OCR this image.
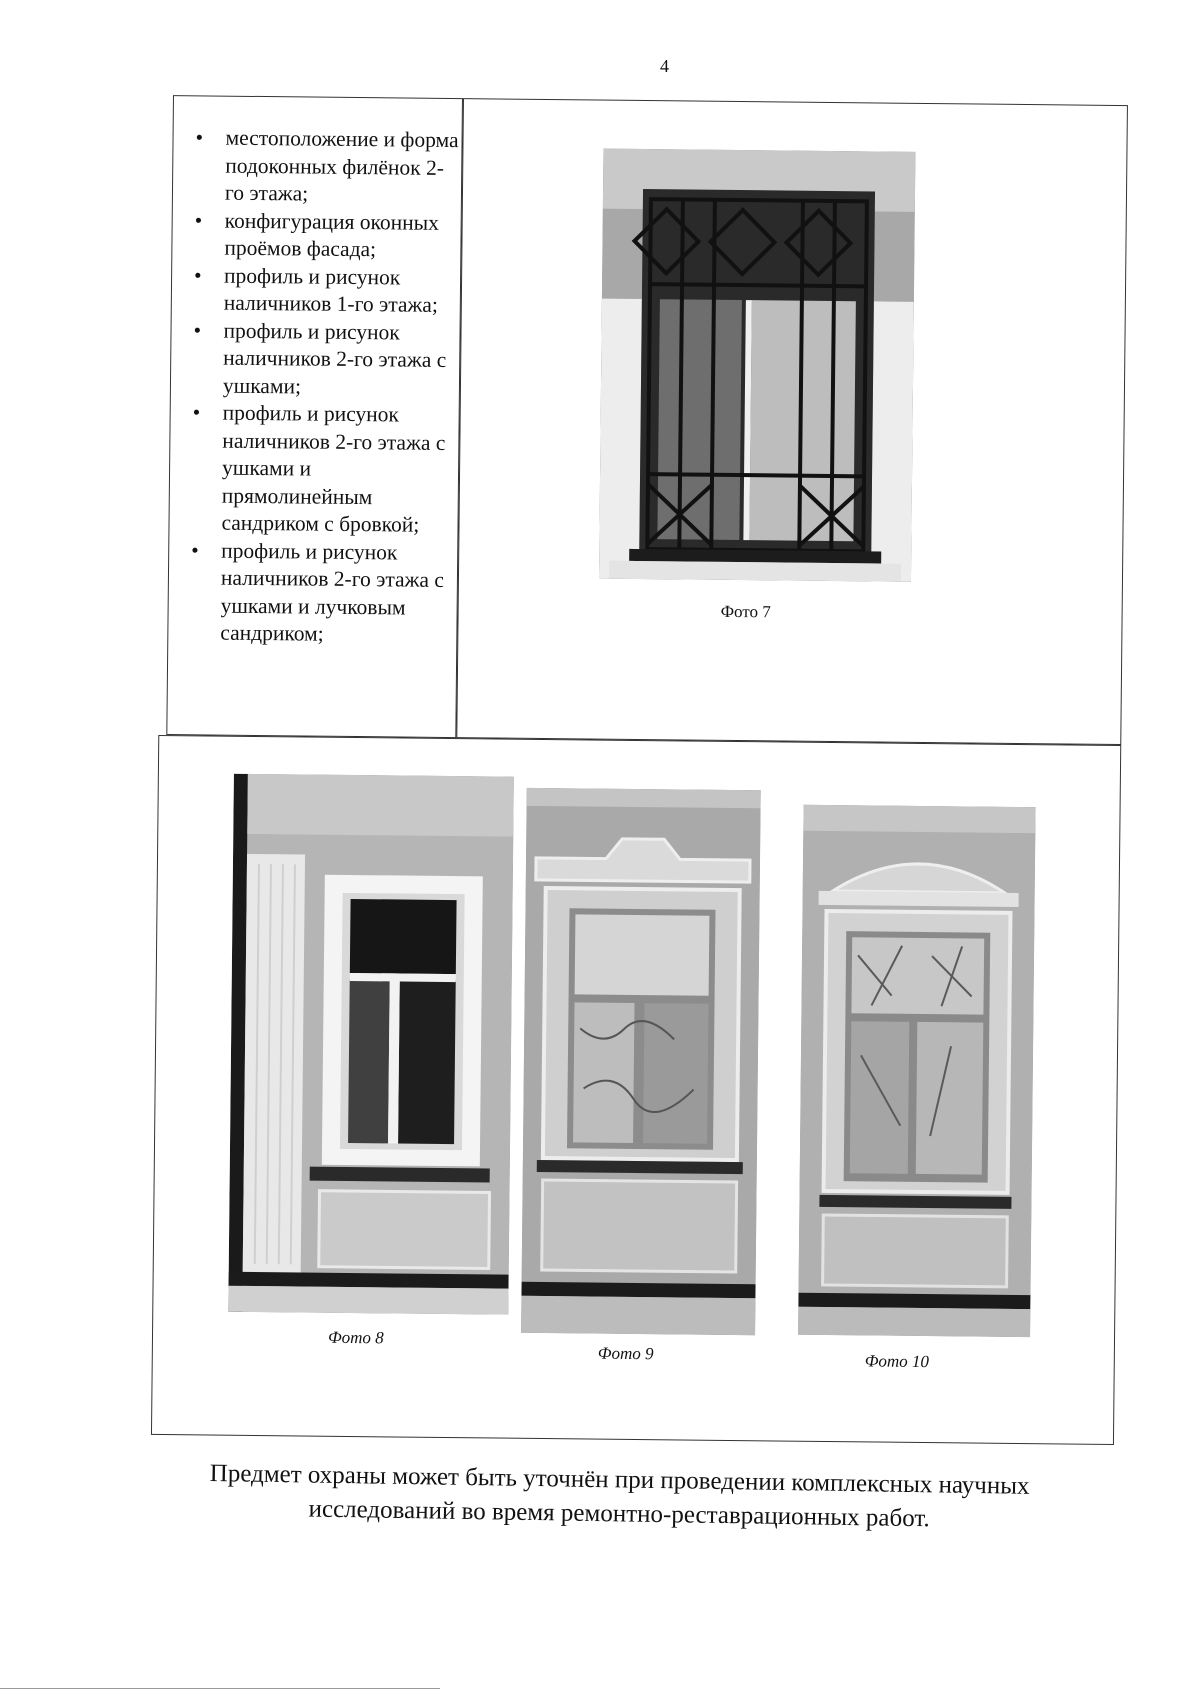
4
• местоположение и форма подоконных филёнок 2-го этажа;
• конфигурация оконных проёмов фасада;
• профиль и рисунок наличников 1-го этажа;
• профиль и рисунок наличников 2-го этажа с ушками;
• профиль и рисунок наличников 2-го этажа с ушками и прямолинейным сандриком с бровкой;
• профиль и рисунок наличников 2-го этажа с ушками и лучковым сандриком;
Фото 7
Фото 8
Фото 9	Фото 10
Предмет охраны может быть уточнён при проведении комплексных научных исследований во время ремонтно-реставрационных работ.
